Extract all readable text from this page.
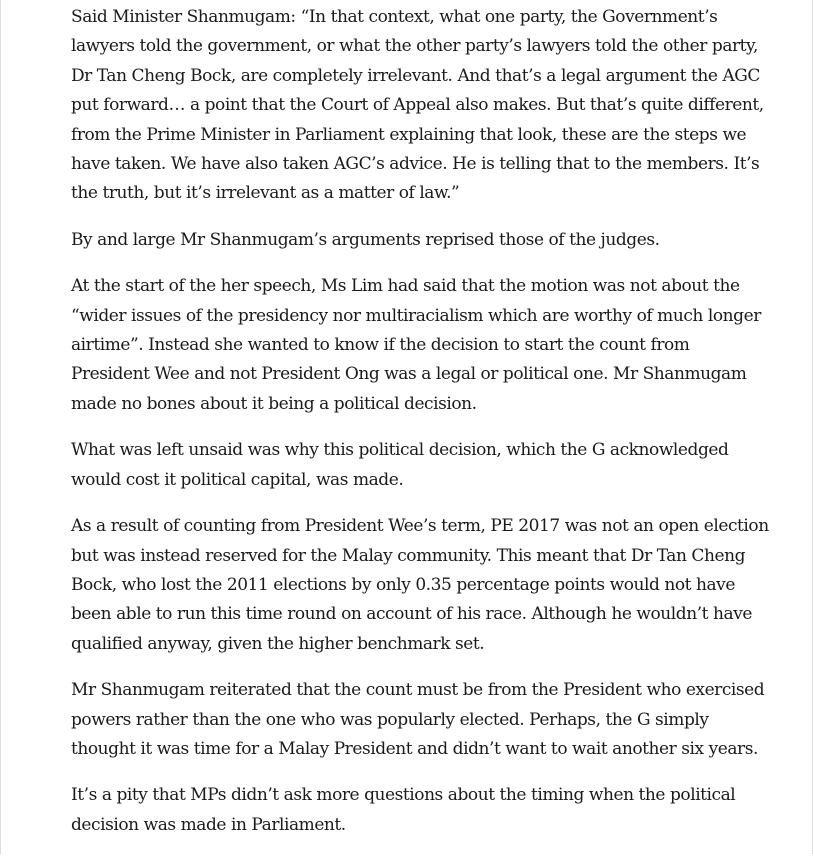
Said Minister Shanmugam: “In that context, what one party, the Government’s lawyers told the government, or what the other party’s lawyers told the other party, Dr Tan Cheng Bock, are completely irrelevant. And that’s a legal argument the AGC put forward… a point that the Court of Appeal also makes. But that’s quite different, from the Prime Minister in Parliament explaining that look, these are the steps we have taken. We have also taken AGC’s advice. He is telling that to the members. It’s the truth, but it’s irrelevant as a matter of law.”

By and large Mr Shanmugam’s arguments reprised those of the judges.

At the start of the her speech, Ms Lim had said that the motion was not about the “wider issues of the presidency nor multiracialism which are worthy of much longer airtime”. Instead she wanted to know if the decision to start the count from President Wee and not President Ong was a legal or political one. Mr Shanmugam made no bones about it being a political decision.

What was left unsaid was why this political decision, which the G acknowledged would cost it political capital, was made.

As a result of counting from President Wee’s term, PE 2017 was not an open election but was instead reserved for the Malay community. This meant that Dr Tan Cheng Bock, who lost the 2011 elections by only 0.35 percentage points would not have been able to run this time round on account of his race. Although he wouldn’t have qualified anyway, given the higher benchmark set.

Mr Shanmugam reiterated that the count must be from the President who exercised powers rather than the one who was popularly elected. Perhaps, the G simply thought it was time for a Malay President and didn’t want to wait another six years.

It’s a pity that MPs didn’t ask more questions about the timing when the political decision was made in Parliament.
